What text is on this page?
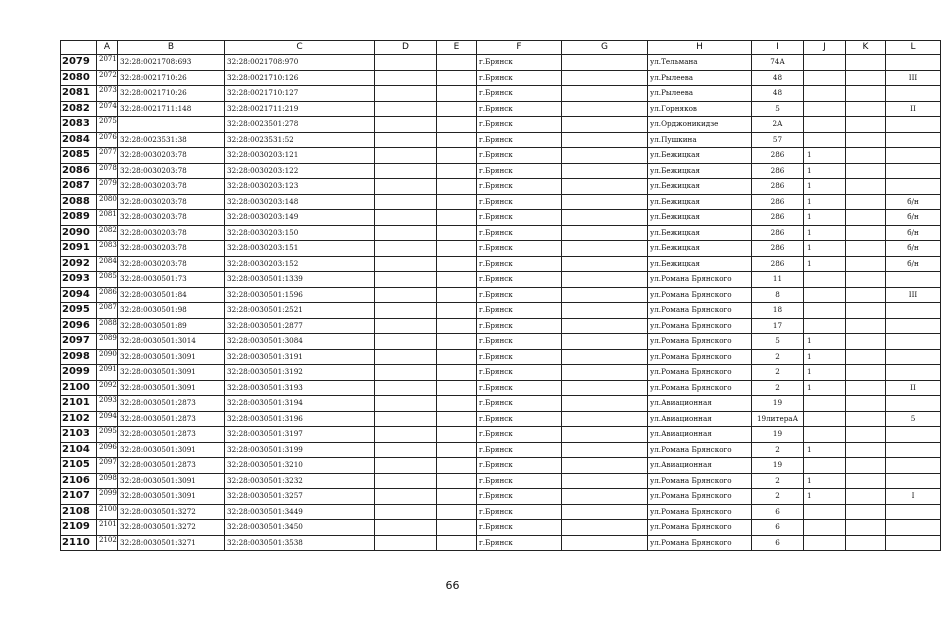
	A	B	C	D	E	F	G	H	I	J	K	L
2079	2071	32:28:0021708:693	32:28:0021708:970			г.Брянск		ул.Тельмана	74А			
2080	2072	32:28:0021710:26	32:28:0021710:126			г.Брянск		ул.Рылеева	48			III
2081	2073	32:28:0021710:26	32:28:0021710:127			г.Брянск		ул.Рылеева	48			
2082	2074	32:28:0021711:148	32:28:0021711:219			г.Брянск		ул.Горняков	5			II
2083	2075		32:28:0023501:278			г.Брянск		ул.Орджоникидзе	2А			
2084	2076	32:28:0023531:38	32:28:0023531:52			г.Брянск		ул.Пушкина	57			
2085	2077	32:28:0030203:78	32:28:0030203:121			г.Брянск		ул.Бежицкая	286	1		
2086	2078	32:28:0030203:78	32:28:0030203:122			г.Брянск		ул.Бежицкая	286	1		
2087	2079	32:28:0030203:78	32:28:0030203:123			г.Брянск		ул.Бежицкая	286	1		
2088	2080	32:28:0030203:78	32:28:0030203:148			г.Брянск		ул.Бежицкая	286	1		б/н
2089	2081	32:28:0030203:78	32:28:0030203:149			г.Брянск		ул.Бежицкая	286	1		б/н
2090	2082	32:28:0030203:78	32:28:0030203:150			г.Брянск		ул.Бежицкая	286	1		б/н
2091	2083	32:28:0030203:78	32:28:0030203:151			г.Брянск		ул.Бежицкая	286	1		б/н
2092	2084	32:28:0030203:78	32:28:0030203:152			г.Брянск		ул.Бежицкая	286	1		б/н
2093	2085	32:28:0030501:73	32:28:0030501:1339			г.Брянск		ул.Романа Брянского	11			
2094	2086	32:28:0030501:84	32:28:0030501:1596			г.Брянск		ул.Романа Брянского	8			III
2095	2087	32:28:0030501:98	32:28:0030501:2521			г.Брянск		ул.Романа Брянского	18			
2096	2088	32:28:0030501:89	32:28:0030501:2877			г.Брянск		ул.Романа Брянского	17			
2097	2089	32:28:0030501:3014	32:28:0030501:3084			г.Брянск		ул.Романа Брянского	5	1		
2098	2090	32:28:0030501:3091	32:28:0030501:3191			г.Брянск		ул.Романа Брянского	2	1		
2099	2091	32:28:0030501:3091	32:28:0030501:3192			г.Брянск		ул.Романа Брянского	2	1		
2100	2092	32:28:0030501:3091	32:28:0030501:3193			г.Брянск		ул.Романа Брянского	2	1		II
2101	2093	32:28:0030501:2873	32:28:0030501:3194			г.Брянск		ул.Авиационная	19			
2102	2094	32:28:0030501:2873	32:28:0030501:3196			г.Брянск		ул.Авиационная	19литераА			5
2103	2095	32:28:0030501:2873	32:28:0030501:3197			г.Брянск		ул.Авиационная	19			
2104	2096	32:28:0030501:3091	32:28:0030501:3199			г.Брянск		ул.Романа Брянского	2	1		
2105	2097	32:28:0030501:2873	32:28:0030501:3210			г.Брянск		ул.Авиационная	19			
2106	2098	32:28:0030501:3091	32:28:0030501:3232			г.Брянск		ул.Романа Брянского	2	1		
2107	2099	32:28:0030501:3091	32:28:0030501:3257			г.Брянск		ул.Романа Брянского	2	1		I
2108	2100	32:28:0030501:3272	32:28:0030501:3449			г.Брянск		ул.Романа Брянского	6			
2109	2101	32:28:0030501:3272	32:28:0030501:3450			г.Брянск		ул.Романа Брянского	6			
2110	2102	32:28:0030501:3271	32:28:0030501:3538			г.Брянск		ул.Романа Брянского	6			
66
